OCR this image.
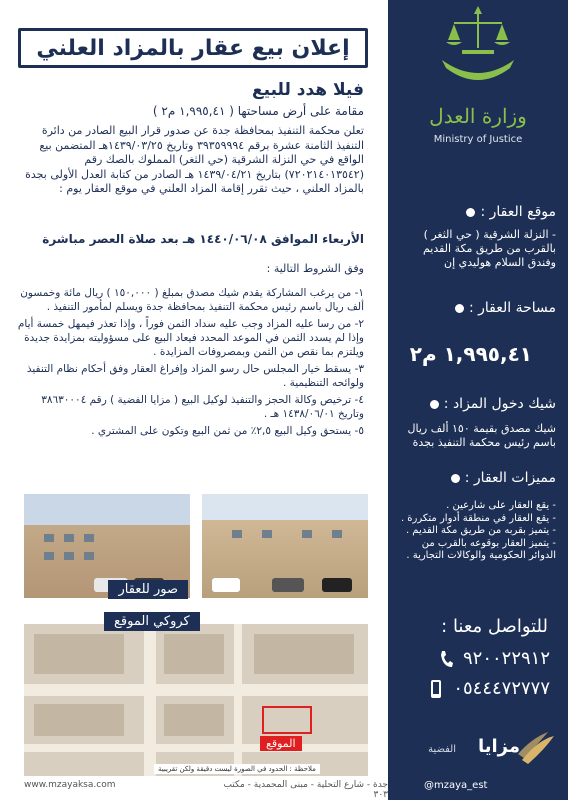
إعلان بيع عقار بالمزاد العلني
فيلا هدد للبيع
مقامة على أرض مساحتها ( ١,٩٩٥,٤١ م٢ )
تعلن محكمة التنفيذ بمحافظة جدة عن صدور قرار البيع الصادر من دائرة التنفيذ الثامنة عشرة برقم ٣٩٣٥٩٩٩٤ وتاريخ ١٤٣٩/٠٣/٢٥هـ المتضمن بيع الواقع في حي النزلة الشرقية (حي الثغر) المملوك بالصك رقم (٧٢٠٢١٤٠١٣٥٤٢) بتاريخ ١٤٣٩/٠٤/٢١ هـ الصادر من كتابة العدل الأولى بجدة بالمزاد العلني ، حيث تقرر إقامة المزاد العلني في موقع العقار يوم :
الأربعاء الموافق ١٤٤٠/٠٦/٠٨ هـ بعد صلاة العصر مباشرة
وفق الشروط التالية :
١- من يرغب المشاركة يقدم شيك مصدق بمبلغ ( ١٥٠,٠٠٠ ) ريال مائة وخمسون ألف ريال باسم رئيس محكمة التنفيذ بمحافظة جدة ويسلم لمأمور التنفيذ .
٢- من رسا عليه المزاد وجب عليه سداد الثمن فوراً ، وإذا تعذر فيمهل خمسة أيام وإذا لم يسدد الثمن في الموعد المحدد فيعاد البيع على مسؤوليته بمزايدة جديدة ويلتزم بما نقص من الثمن وبمصروفات المزايدة .
٣- يسقط خيار المجلس حال رسو المزاد وإفراغ العقار وفق أحكام نظام التنفيذ ولوائحه التنظيمية .
٤- ترخيص وكالة الحجز والتنفيذ لوكيل البيع ( مزايا الفضية ) رقم ٣٨٦٣٠٠٠٤ وتاريخ ١٤٣٨/٠٦/٠١ هـ .
٥- يستحق وكيل البيع ٢,٥٪ من ثمن البيع وتكون على المشتري .
صور للعقار
الموقع
ملاحظة : الحدود في الصورة ليست دقيقة ولكن تقريبية
كروكي الموقع
www.mzayaksa.com	جدة - شارع التحلية - مبنى المحمدية - مكتب ٣٠٣
وزارة العدل
Ministry of Justice
موقع العقار :
- النزلة الشرقية ( حي الثغر ) بالقرب من طريق مكة القديم وفندق السلام هوليدي إن
مساحة العقار :
١,٩٩٥,٤١ م٢
شيك دخول المزاد :
شيك مصدق بقيمة ١٥٠ ألف ريال باسم رئيس محكمة التنفيذ بجدة
مميزات العقار :
- يقع العقار على شارعين .
- يقع العقار في منطقة أدوار متكررة .
- يتميز بقربه من طريق مكة القديم .
- يتميز العقار بوقوعه بالقرب من الدوائر الحكومية والوكالات التجارية .
للتواصل معنا :
٩٢٠٠٢٢٩١٢
٠٥٤٤٤٧٢٧٧٧
مزايا
الفضية
@mzaya_est
